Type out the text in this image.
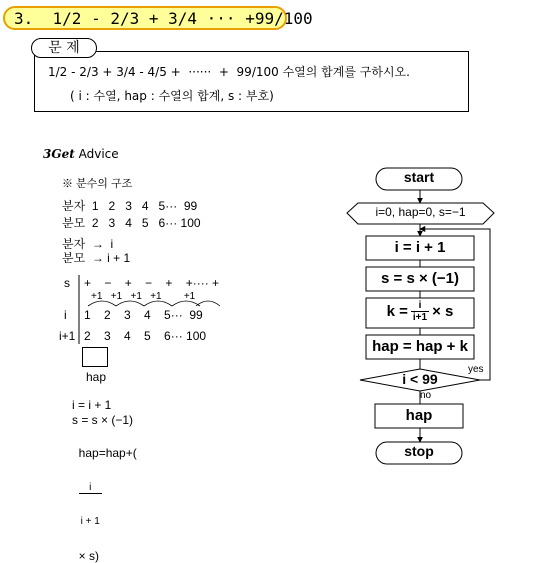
3.  1/2 - 2/3 + 3/4 ··· +99/100
문 제
1/2 - 2/3 + 3/4 - 4/5 +  ······  +  99/100 수열의 합계를 구하시오.
( i : 수열, hap : 수열의 합계, s : 부호)
3Get Advice
※ 분수의 구조
분자  1   2   3   4   5···  99
분모  2   3   4   5   6··· 100
분자  →  i
분모  → i + 1
s +    −    +    −    +    +···· +
+1   +1   +1   +1        +1
i 1    2    3    4    5···  99
i+1 2    3    4    5    6··· 100
hap
i = i + 1
s = s × (−1)

hap=hap+(

$\frac{i}{i + 1}$

× s)

start
i=0, hap=0, s=−1
i = i + 1
s = s × (−1)
$k = \frac{i}{i+1} \times s$
hap = hap + k
i < 99
yes
no
hap
stop
